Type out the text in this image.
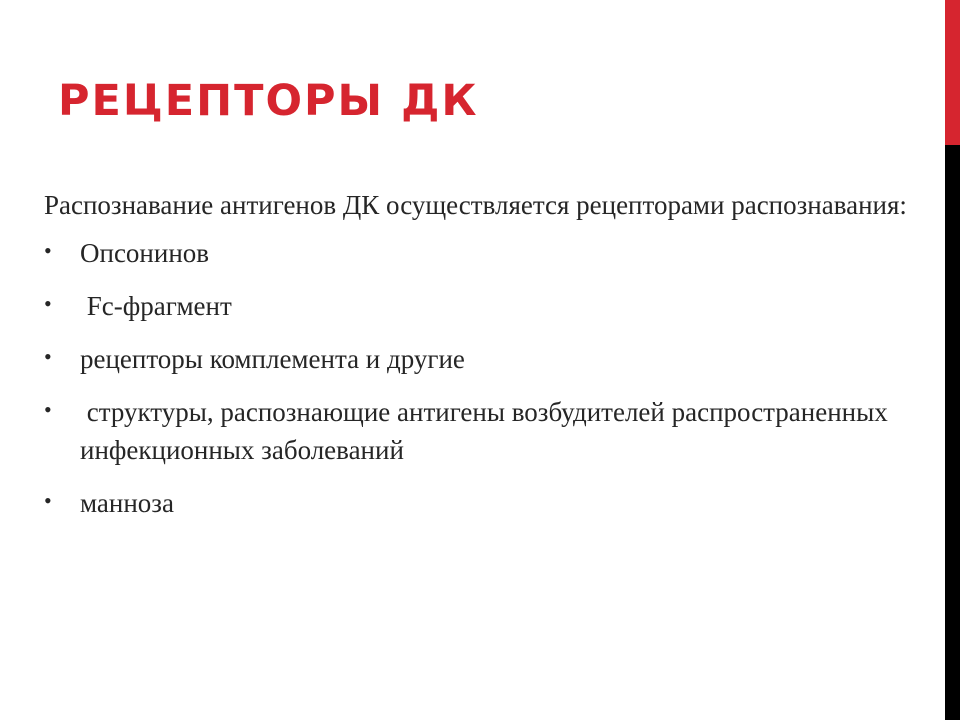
РЕЦЕПТОРЫ ДК

Распознавание антигенов ДК осуществляется рецепторами распознавания:

•	Опсонинов
•	Fc-фрагмент
•	рецепторы комплемента и другие
•	структуры, распознающие антигены возбудителей распространенных инфекционных заболеваний
•	манноза
